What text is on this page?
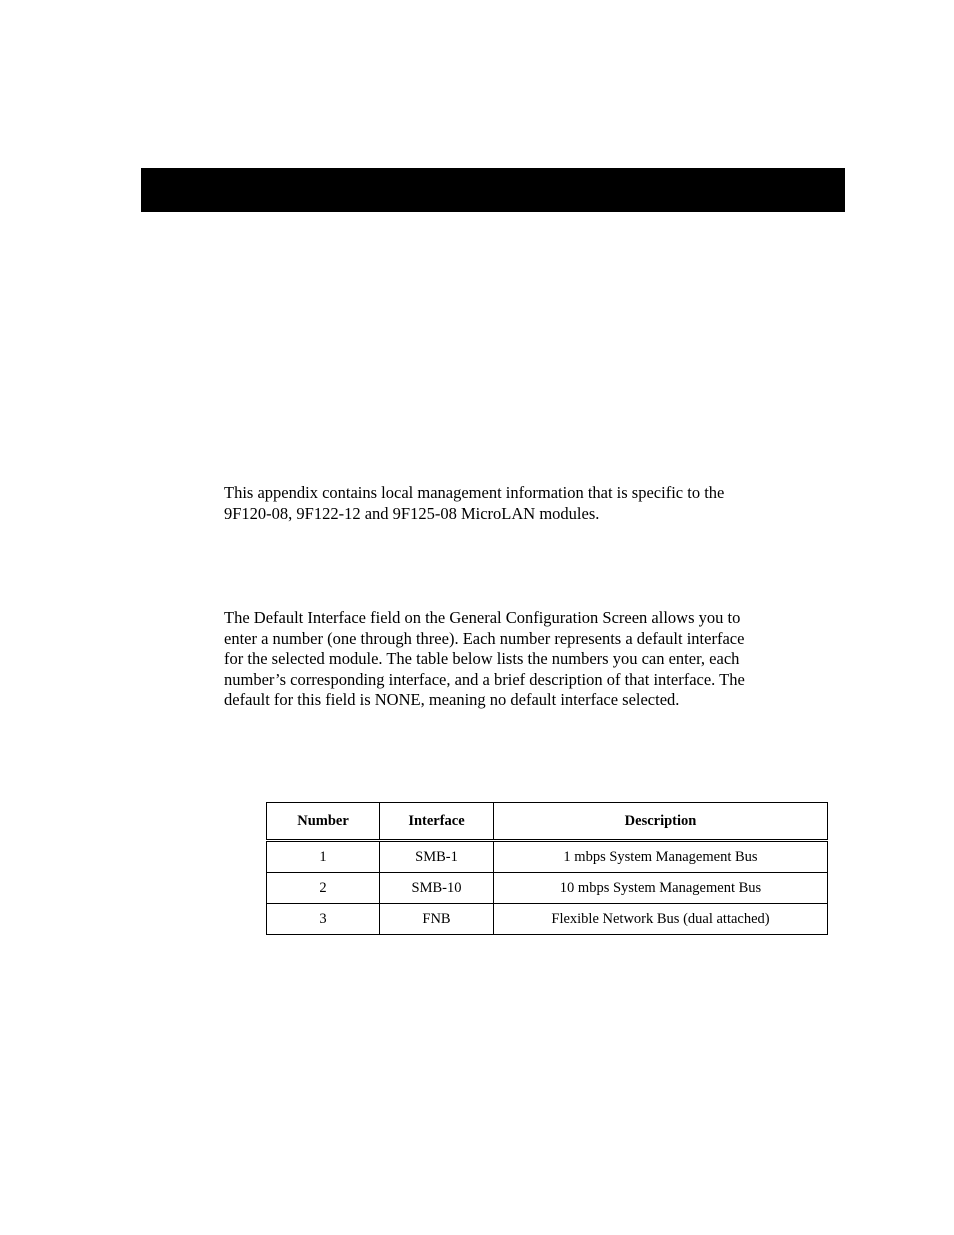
This appendix contains local management information that is specific to the
9F120-08, 9F122-12 and 9F125-08 MicroLAN modules.

The Default Interface field on the General Configuration Screen allows you to
enter a number (one through three). Each number represents a default interface
for the selected module. The table below lists the numbers you can enter, each
number’s corresponding interface, and a brief description of that interface. The
default for this field is NONE, meaning no default interface selected.

Number	Interface	Description
1	SMB-1	1 mbps System Management Bus
2	SMB-10	10 mbps System Management Bus
3	FNB	Flexible Network Bus (dual attached)
